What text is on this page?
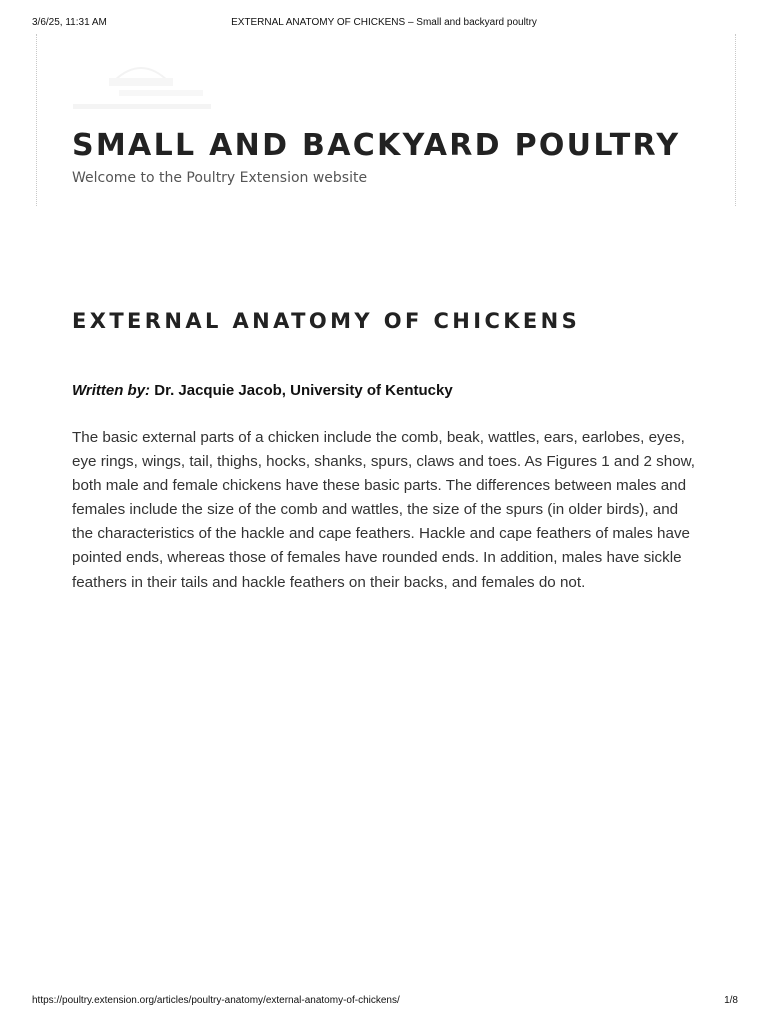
3/6/25, 11:31 AM	EXTERNAL ANATOMY OF CHICKENS – Small and backyard poultry
SMALL AND BACKYARD POULTRY

Welcome to the Poultry Extension website

EXTERNAL ANATOMY OF CHICKENS

Written by: Dr. Jacquie Jacob, University of Kentucky

The basic external parts of a chicken include the comb, beak, wattles, ears, earlobes, eyes, eye rings, wings, tail, thighs, hocks, shanks, spurs, claws and toes. As Figures 1 and 2 show, both male and female chickens have these basic parts. The differences between males and females include the size of the comb and wattles, the size of the spurs (in older birds), and the characteristics of the hackle and cape feathers. Hackle and cape feathers of males have pointed ends, whereas those of females have rounded ends. In addition, males have sickle feathers in their tails and hackle feathers on their backs, and females do not.

https://poultry.extension.org/articles/poultry-anatomy/external-anatomy-of-chickens/	1/8
